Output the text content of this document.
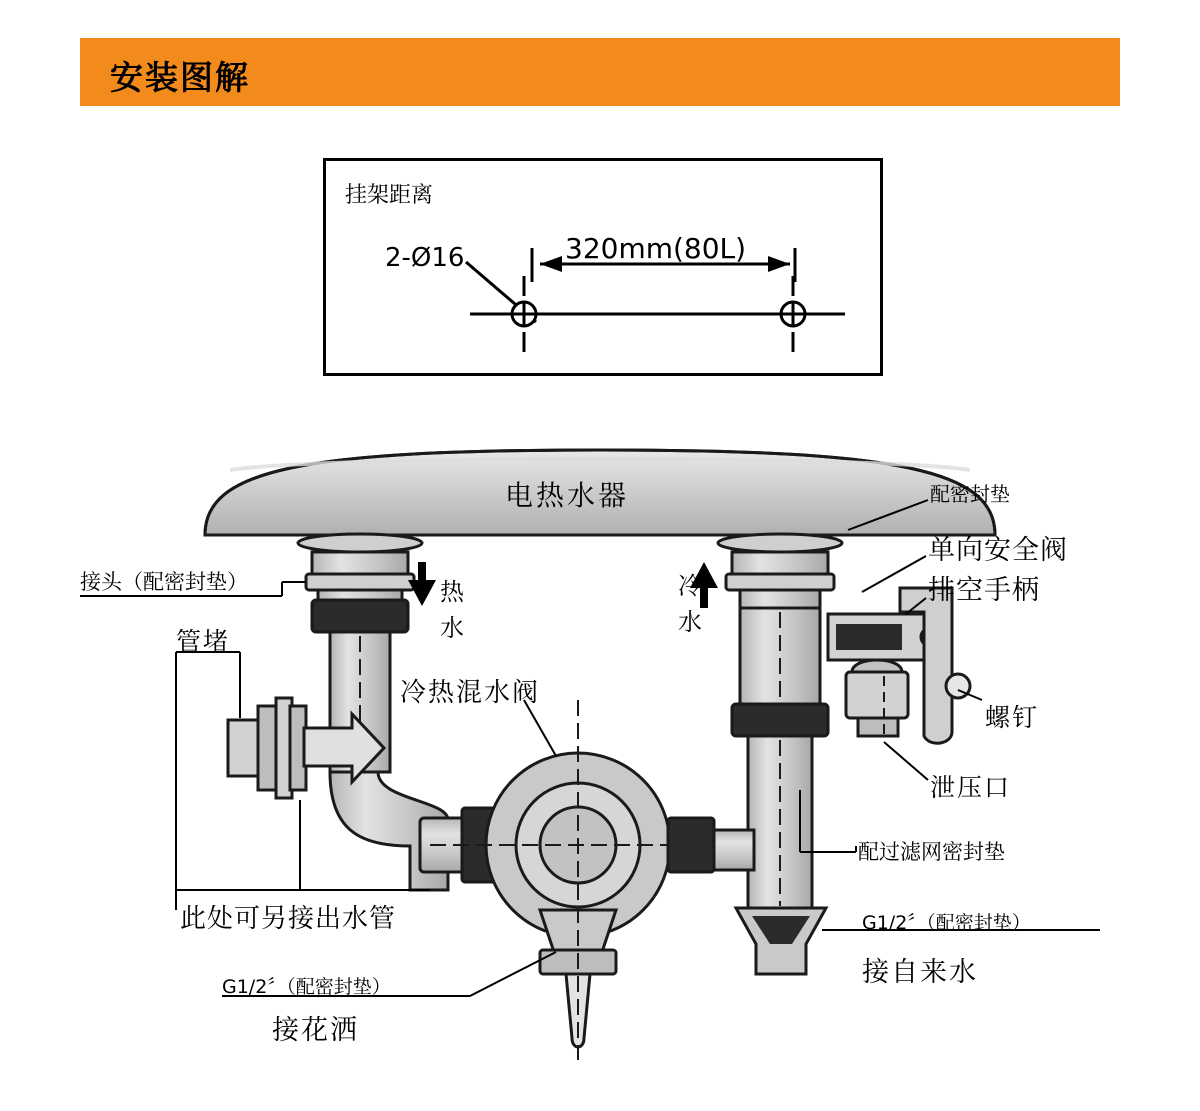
安装图解
挂架距离
2-Ø16	320mm(80L)
电热水器	配密封垫
单向安全阀
排空手柄
接头（配密封垫）
管堵
热
水
冷
水
冷热混水阀
螺钉
泄压口
配过滤网密封垫
此处可另接出水管	G1/2〞（配密封垫）
接自来水
G1/2〞（配密封垫）
接花洒
